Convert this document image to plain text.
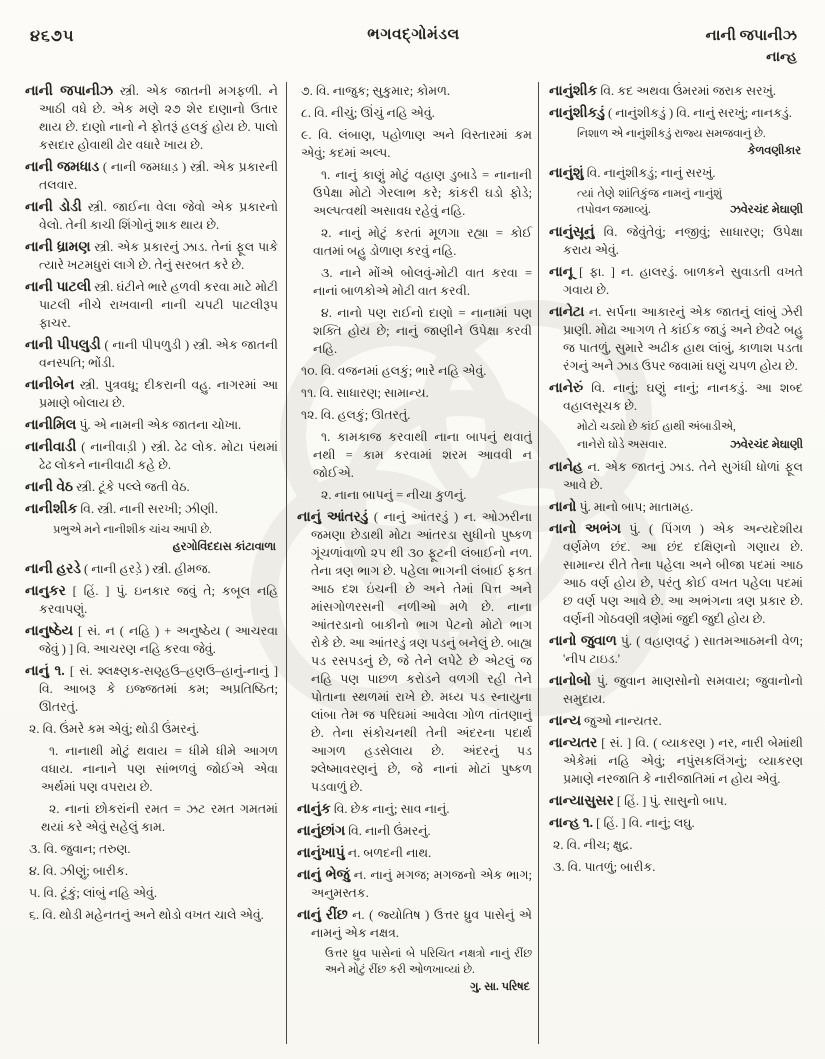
૪૬૭૫	ભગવદ્ગોમંડલ	નાની જપાનીઝ
નાન્હ

નાની જપાનીઝ સ્ત્રી. એક જાતની મગફળી. ને આઠી વધે છે. એક મણે ૨૭ શેર દાણાનો ઉતાર થાય છે. દાણો નાનો ને ફોતરૂં હલકું હોય છે. પાલો કસદાર હોવાથી ઢોર વધારે ખાય છે.

નાની જમધાડ ( નાની જમધાડ઼ ) સ્ત્રી. એક પ્રકારની તલવાર.

નાની ડોડી સ્ત્રી. જાઈના વેલા જેવો એક પ્રકારનો વેલો. તેની કાચી શિંગોનું શાક થાય છે.

નાની ધ્રામણ સ્ત્રી. એક પ્રકારનું ઝાડ. તેનાં ફૂલ પાકે ત્યારે ખટમધુરાં લાગે છે. તેનું સરબત કરે છે.

નાની પાટલી સ્ત્રી. ઘંટીને ભારે હળવી કરવા માટે મોટી પાટલી નીચે રાખવાની નાની ચપટી પાટલીરૂપ ફાચર.

નાની પીપલુડી ( નાની પીપળુડી ) સ્ત્રી. એક જાતની વનસ્પતિ; ભોંડી.

નાનીબેન સ્ત્રી. પુત્રવધૂ; દીકરાની વહુ. નાગરમાં આ પ્રમાણે બોલાય છે.

નાનીમિલ પું. એ નામની એક જાતના ચોખા.

નાનીવાડી ( નાનીવાડ઼ી ) સ્ત્રી. ઢેઢ લોક. મોટા પંથમાં ઢેઢ લોકને નાનીવાઢી કહે છે.

નાની વેઠ સ્ત્રી. ટૂંકે પલ્લે જતી વેઠ.

નાનીશીક વિ. સ્ત્રી. નાની સરખી; ઝીણી.

પ્રભુએ મને નાનીશીક ચાંચ આપી છે.

હરગોવિંદદાસ કાંટાવાળા

નાની હરડે ( નાની હરડ઼ે ) સ્ત્રી. હીમજ.

નાનુકર [ હિં. ] પું. ઇનકાર જવું તે; કબૂલ નહિ કરવાપણું.

નાનુષ્ઠેય [ સં. ન ( નહિ ) + અનુષ્ઠેય ( આચરવા જેવું ) ] વિ. આચરણ નહિ કરવા જેવું.

નાનું ૧. [ સં. શ્લક્ષ્ણક-સણ્હઉ–હણઉ–હાનું-નાનું ] વિ. આબરૂ કે ઇજ્જતમાં કમ; અપ્રતિષ્ઠિત; ઊતરતું.

૨. વિ. ઉંમરે કમ એવું; થોડી ઉંમરનું.

૧. નાનાથી મોટું થવાય = ધીમે ધીમે આગળ વધાય. નાનાને પણ સાંભળવું જોઈએ એવા અર્થમાં પણ વપરાય છે.

૨. નાનાં છોકરાંની રમત = ઝટ રમત ગમતમાં થયાં કરે એવું સહેલું કામ.

૩. વિ. જુવાન; તરુણ.

૪. વિ. ઝીણું; બારીક.

૫. વિ. ટૂંકું; લાંબું નહિ એવું.

૬. વિ. થોડી મહેનતનું અને થોડો વખત ચાલે એવું.

૭. વિ. નાજુક; સુકુમાર; કોમળ.

૮. વિ. નીચું; ઊંચું નહિ એવું.

૯. વિ. લંબાણ, પહોળાણ અને વિસ્તારમાં કમ એવું; કદમાં અલ્પ.

૧. નાનું કાણું મોટું વહાણ ડુબાડે = નાનાની ઉપેક્ષા મોટો ગેરલાભ કરે; કાંકરી ઘડો ફોડે; અલ્પત્વથી અસાવધ રહેવું નહિ.

૨. નાનું મોટું કરતાં મૂળગા રહ્યા = કોઈ વાતમાં બહુ ડોળાણ કરવું નહિ.

૩. નાને મોંએ બોલવું-મોટી વાત કરવા = નાનાં બાળકોએ મોટી વાત કરવી.

૪. નાનો પણ રાઈનો દાણો = નાનામાં પણ શક્તિ હોય છે; નાનું જાણીને ઉપેક્ષા કરવી નહિ.

૧૦. વિ. વજનમાં હલકું; ભારે નહિ એવું.

૧૧. વિ. સાધારણ; સામાન્ય.

૧૨. વિ. હલકું; ઊતરતું.

૧. કામકાજ કરવાથી નાના બાપનું થવાતું નથી = કામ કરવામાં શરમ આવવી ન જોઈએ.

૨. નાના બાપનું = નીચા કુળનું.

નાનું આંતરડું ( નાનું આંતરડ઼ું ) ન. ઓઝરીના જમણા છેડાથી મોટા આંતરડા સુધીનો પુષ્કળ ગૂંચળાંવાળો ૨૫ થી ૩૦ ફૂટની લંબાઈનો નળ. તેના ત્રણ ભાગ છે. પહેલા ભાગની લંબાઈ ફક્ત આઠ દશ ઇંચની છે અને તેમાં પિત્ત અને માંસગોળરસની નળીઓ મળે છે. નાના આંતરડાનો બાકીનો ભાગ પેટનો મોટો ભાગ રોકે છે. આ આંતરડું ત્રણ પડનું બનેલું છે. બાહ્ય પડ રસપડનું છે, જે તેને લપેટે છે એટલું જ નહિ પણ પાછળ કરોડને વળગી રહી તેને પોતાના સ્થળમાં રાખે છે. મધ્ય પડ સ્નાયુના લાંબા તેમ જ પરિઘમાં આવેલા ગોળ તાંતણાનું છે. તેના સંકોચનથી તેની અંદરના પદાર્થ આગળ હડસેલાય છે. અંદરનું પડ શ્લેષ્માવરણનું છે, જે નાનાં મોટાં પુષ્કળ પડવાળું છે.

નાનુંક વિ. છેક નાનું; સાવ નાનું.

નાનુંછાંગ વિ. નાની ઉંમરનું.

નાનુંખાપું ન. બળદની નાથ.

નાનું ભેજું ન. નાનું મગજ; મગજનો એક ભાગ; અનુમસ્તક.

નાનું રીંછ ન. ( જ્યોતિષ ) ઉત્તર ધ્રુવ પાસેનું એ નામનું એક નક્ષત્ર.

ઉત્તર ધ્રુવ પાસેનાં બે પરિચિત નક્ષત્રો નાનું રીંછ અને મોટું રીંછ કરી ઓળખાવ્યાં છે.

ગુ. સા. પરિષદ

નાનુંશીક વિ. કદ અથવા ઉંમરમાં જરાક સરખું.

નાનુંશીકડું ( નાનુંશીકડ઼ું ) વિ. નાનું સરખું; નાનકડું.

નિશાળ એ નાનુંશીકડું રાજ્ય સમજવાનું છે.

કેળવણીકાર

નાનુંશું વિ. નાનુંશીકડું; નાનું સરખું.

ત્યાં તેણે શાંતિકુંજ નામનું નાનુંશું તપોવન જમાવ્યું.	ઝવેરચંદ મેઘાણી

નાનુંસૂનું વિ. જેવુંતેવું; નજીવું; સાધારણ; ઉપેક્ષા કરાય એવું.

નાનૂ [ ફા. ] ન. હાલરડું. બાળકને સુવાડતી વખતે ગવાય છે.

નાનેટા ન. સર્પના આકારનું એક જાતનું લાંબું ઝેરી પ્રાણી. મોઢા આગળ તે કાંઈક જાડું અને છેવટે બહુ જ પાતળું, સુમારે અઢીક હાથ લાંબું, કાળાશ પડતા રંગનું અને ઝાડ ઉપર જવામાં ઘણું ચપળ હોય છે.

નાનેરું વિ. નાનું; ઘણું નાનું; નાનકડું. આ શબ્દ વહાલસૂચક છે.

મોટો ચડ્યો છે કાંઈ હાથી અંબાડીએ,

નાનેરો ઘોડે અસવાર.	ઝવેરચંદ મેઘાણી

નાનેહ ન. એક જાતનું ઝાડ. તેને સુગંધી ધોળાં ફૂલ આવે છે.

નાનો પું. માનો બાપ; માતામહ.

નાનો અભંગ પું. ( પિંગળ ) એક અન્યદેશીય વર્ણમેળ છંદ. આ છંદ દક્ષિણનો ગણાય છે. સામાન્ય રીતે તેના પહેલા અને બીજા પદમાં આઠ આઠ વર્ણ હોય છે, પરંતુ કોઈ વખત પહેલા પદમાં છ વર્ણ પણ આવે છે. આ અભંગના ત્રણ પ્રકાર છે. વર્ણની ગોઠવણી ત્રણેમાં જુદી જુદી હોય છે.

નાનો જુવાળ પું. ( વહાણવટું ) સાતમઆઠમની વેળ; 'નીપ ટાઇડ.'

નાનોબો પું. જુવાન માણસોનો સમવાય; જુવાનોનો સમુદાય.

નાન્ય જુઓ નાન્યતર.

નાન્યતર [ સં. ] વિ. ( વ્યાકરણ ) નર, નારી બેમાંથી એકેમાં નહિ એવું; નપુંસકલિંગનું; વ્યાકરણ પ્રમાણે નરજાતિ કે નારીજાતિમાં ન હોય એવું.

નાન્યાસુસર [ હિં. ] પું. સાસુનો બાપ.

નાન્હ ૧. [ હિં. ] વિ. નાનું; લઘુ.

૨. વિ. નીચ; ક્ષુદ્ર.

૩. વિ. પાતળું; બારીક.
